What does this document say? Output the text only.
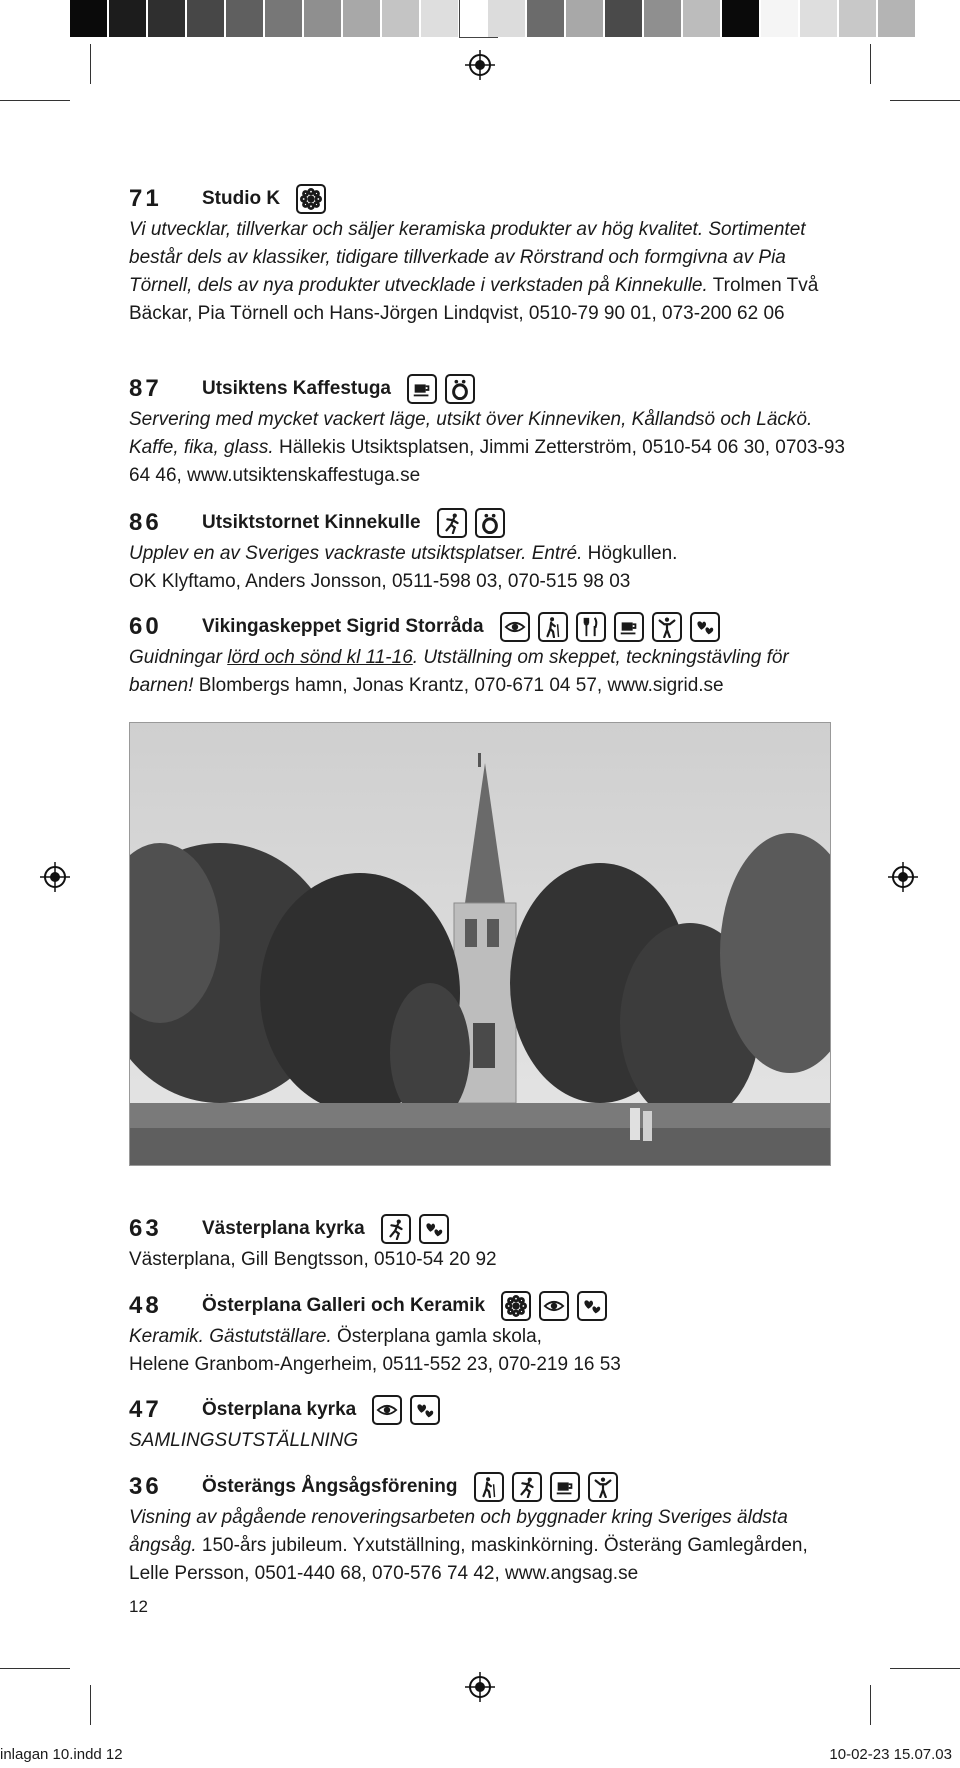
71	Studio K

Vi utvecklar, tillverkar och säljer keramiska produkter av hög kvalitet. Sortimentet består dels av klassiker, tidigare tillverkade av Rörstrand och formgivna av Pia Törnell, dels av nya produkter utvecklade i verkstaden på Kinnekulle. Trolmen Två Bäckar, Pia Törnell och Hans-Jörgen Lindqvist, 0510-79 90 01, 073-200 62 06

87	Utsiktens Kaffestuga

Servering med mycket vackert läge, utsikt över Kinneviken, Kållandsö och Läckö. Kaffe, fika, glass. Hällekis Utsiktsplatsen, Jimmi Zetterström, 0510-54 06 30, 0703-93 64 46, www.utsiktenskaffestuga.se

86	Utsiktstornet Kinnekulle

Upplev en av Sveriges vackraste utsiktsplatser. Entré. Högkullen.

OK Klyftamo, Anders Jonsson, 0511-598 03, 070-515 98 03

60	Vikingaskeppet Sigrid Storråda

Guidningar lörd och sönd kl 11-16. Utställning om skeppet, teckningstävling för barnen! Blombergs hamn, Jonas Krantz, 070-671 04 57, www.sigrid.se

63	Västerplana kyrka

Västerplana, Gill Bengtsson, 0510-54 20 92

48	Österplana Galleri och Keramik

Keramik. Gästutställare. Österplana gamla skola,

Helene Granbom-Angerheim, 0511-552 23, 070-219 16 53

47	Österplana kyrka

SAMLINGSUTSTÄLLNING

36	Österängs Ångsågsförening

Visning av pågående renoveringsarbeten och byggnader kring Sveriges äldsta ångsåg. 150-års jubileum. Yxutställning, maskinkörning. Österäng Gamlegården, Lelle Persson, 0501-440 68, 070-576 74 42, www.angsag.se

12
inlagan 10.indd 12	10-02-23 15.07.03
